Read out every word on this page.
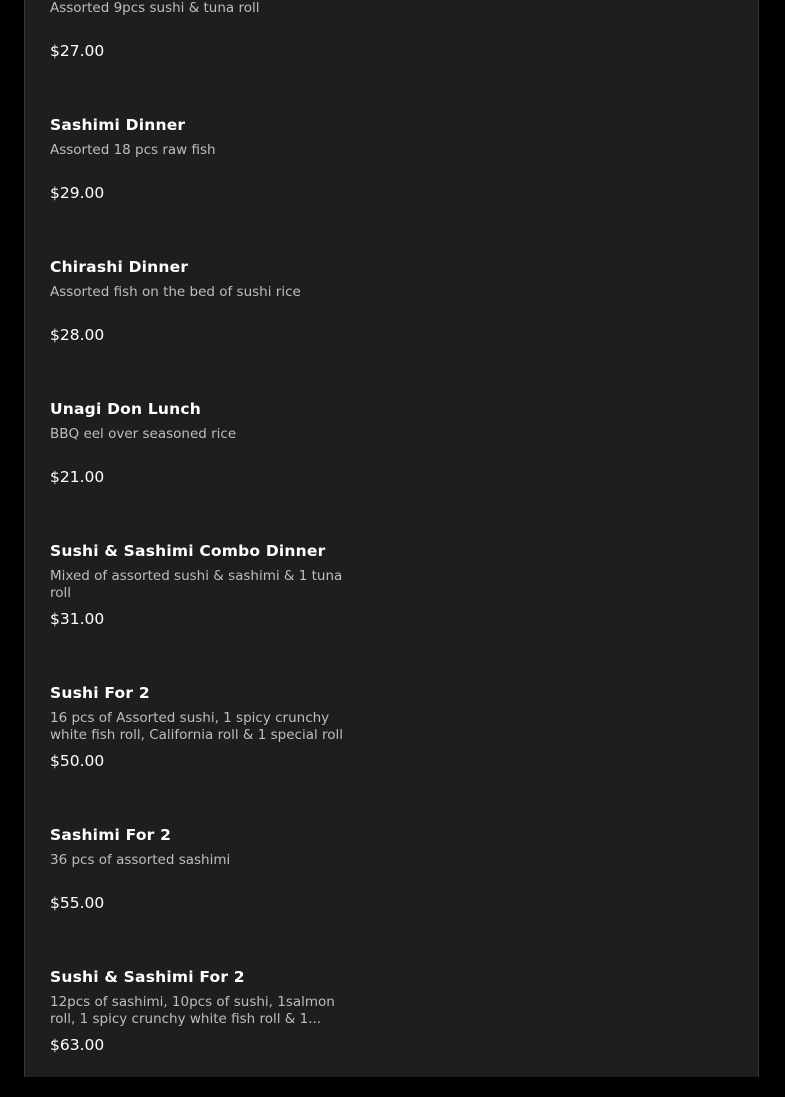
Assorted 9pcs sushi & tuna roll
$27.00
Sashimi Dinner
Assorted 18 pcs raw fish
$29.00
Chirashi Dinner
Assorted fish on the bed of sushi rice
$28.00
Unagi Don Lunch
BBQ eel over seasoned rice
$21.00
Sushi & Sashimi Combo Dinner
Mixed of assorted sushi & sashimi & 1 tuna roll
$31.00
Sushi For 2
16 pcs of Assorted sushi, 1 spicy crunchy white fish roll, California roll & 1 special roll
$50.00
Sashimi For 2
36 pcs of assorted sashimi
$55.00
Sushi & Sashimi For 2
12pcs of sashimi, 10pcs of sushi, 1salmon roll, 1 spicy crunchy white fish roll & 1...
$63.00
